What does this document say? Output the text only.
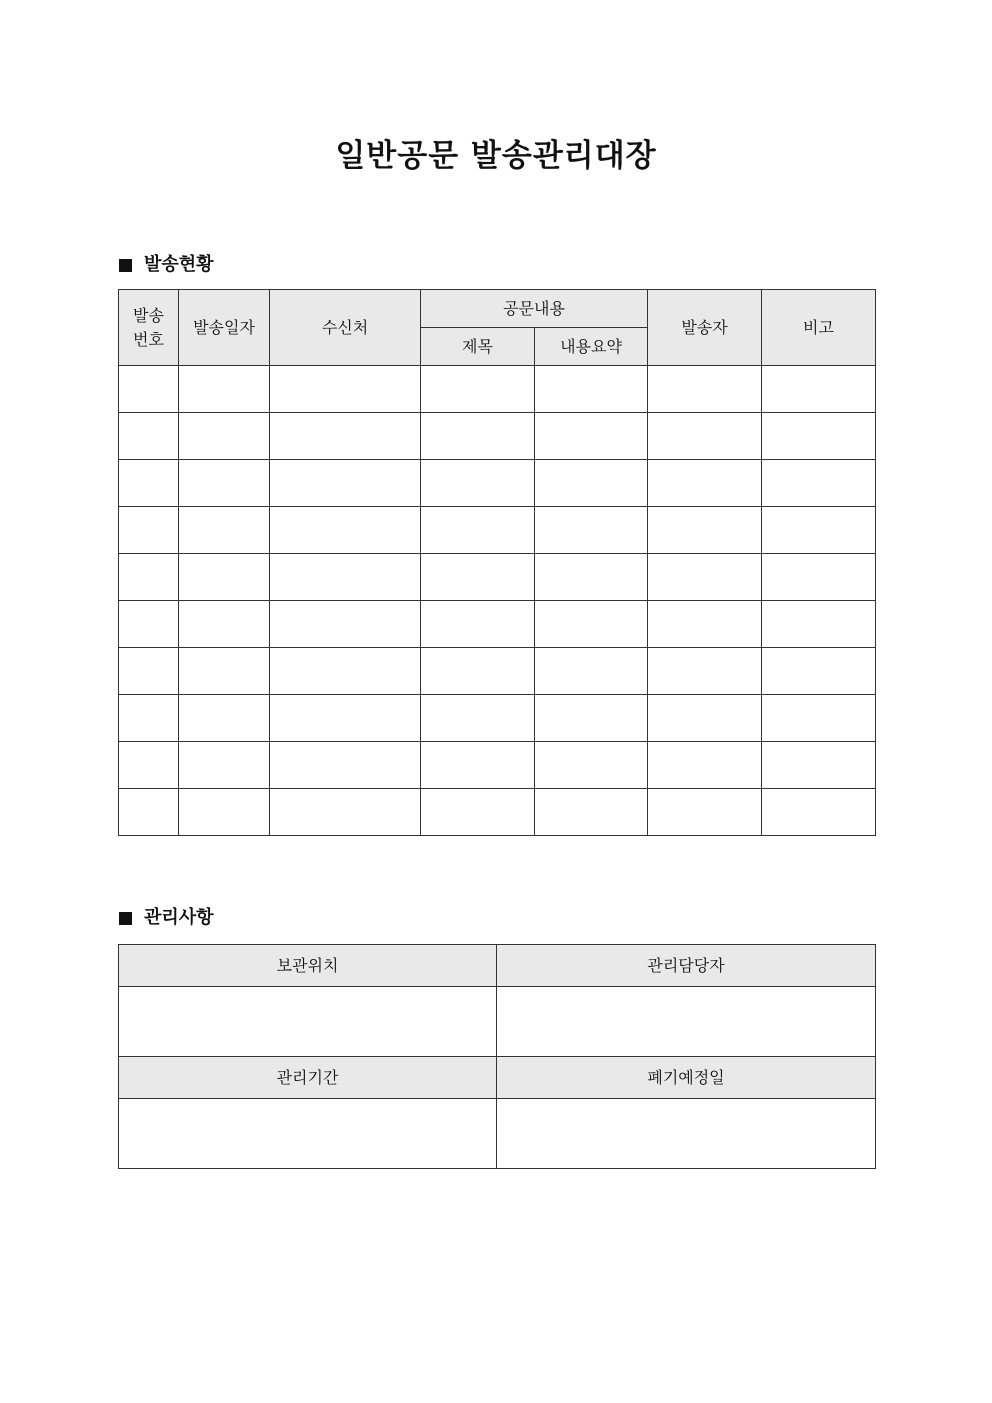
일반공문 발송관리대장
발송현황
발송
번호	발송일자	수신처	공문내용		발송자	비고
			제목	내용요약		

관리사항
보관위치	관리담당자

관리기간	폐기예정일
